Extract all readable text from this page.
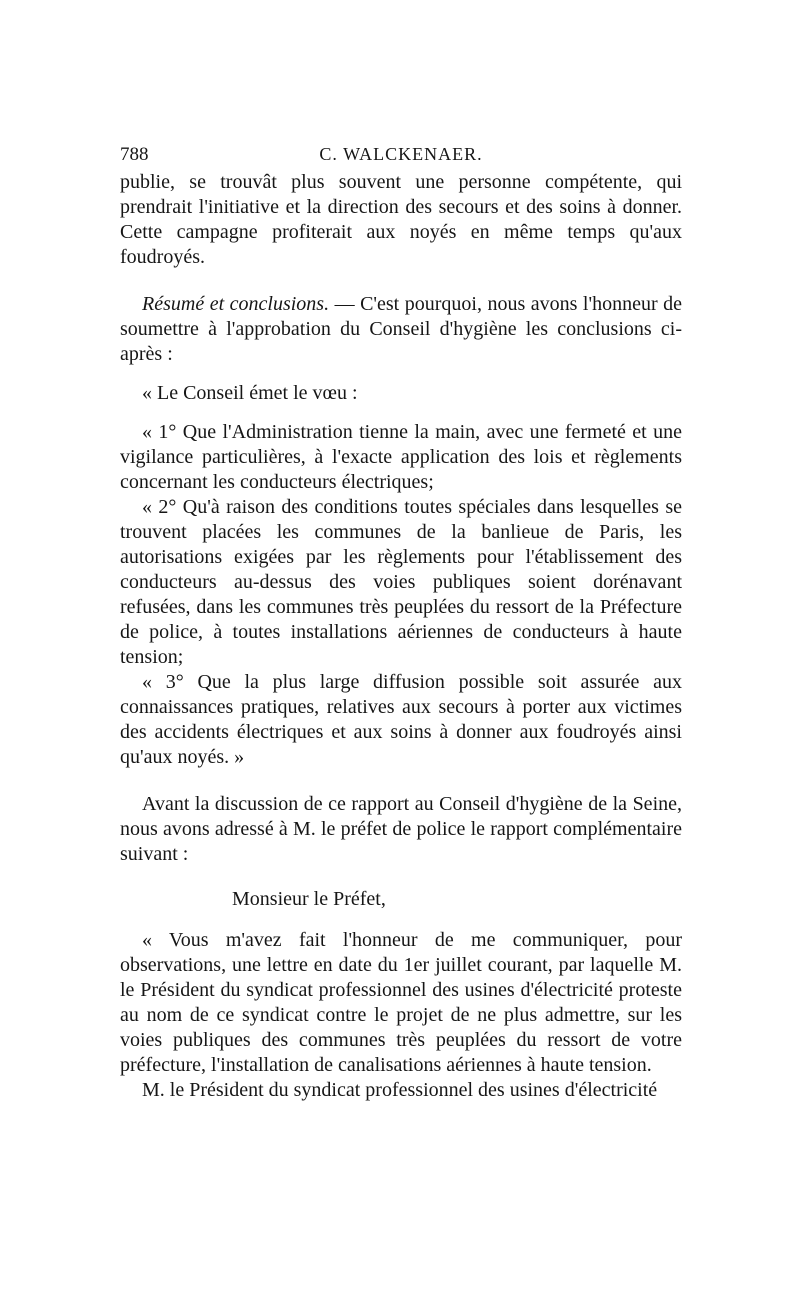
788	C. WALCKENAER.

publie, se trouvât plus souvent une personne compétente, qui prendrait l'initiative et la direction des secours et des soins à donner. Cette campagne profiterait aux noyés en même temps qu'aux foudroyés.

Résumé et conclusions. — C'est pourquoi, nous avons l'honneur de soumettre à l'approbation du Conseil d'hygiène les conclusions ci-après :

« Le Conseil émet le vœu :

« 1° Que l'Administration tienne la main, avec une fermeté et une vigilance particulières, à l'exacte application des lois et règlements concernant les conducteurs électriques;

« 2° Qu'à raison des conditions toutes spéciales dans lesquelles se trouvent placées les communes de la banlieue de Paris, les autorisations exigées par les règlements pour l'établissement des conducteurs au-dessus des voies publiques soient dorénavant refusées, dans les communes très peuplées du ressort de la Préfecture de police, à toutes installations aériennes de conducteurs à haute tension;

« 3° Que la plus large diffusion possible soit assurée aux connaissances pratiques, relatives aux secours à porter aux victimes des accidents électriques et aux soins à donner aux foudroyés ainsi qu'aux noyés. »

Avant la discussion de ce rapport au Conseil d'hygiène de la Seine, nous avons adressé à M. le préfet de police le rapport complémentaire suivant :

Monsieur le Préfet,

« Vous m'avez fait l'honneur de me communiquer, pour observations, une lettre en date du 1er juillet courant, par laquelle M. le Président du syndicat professionnel des usines d'électricité proteste au nom de ce syndicat contre le projet de ne plus admettre, sur les voies publiques des communes très peuplées du ressort de votre préfecture, l'installation de canalisations aériennes à haute tension.

M. le Président du syndicat professionnel des usines d'électricité
